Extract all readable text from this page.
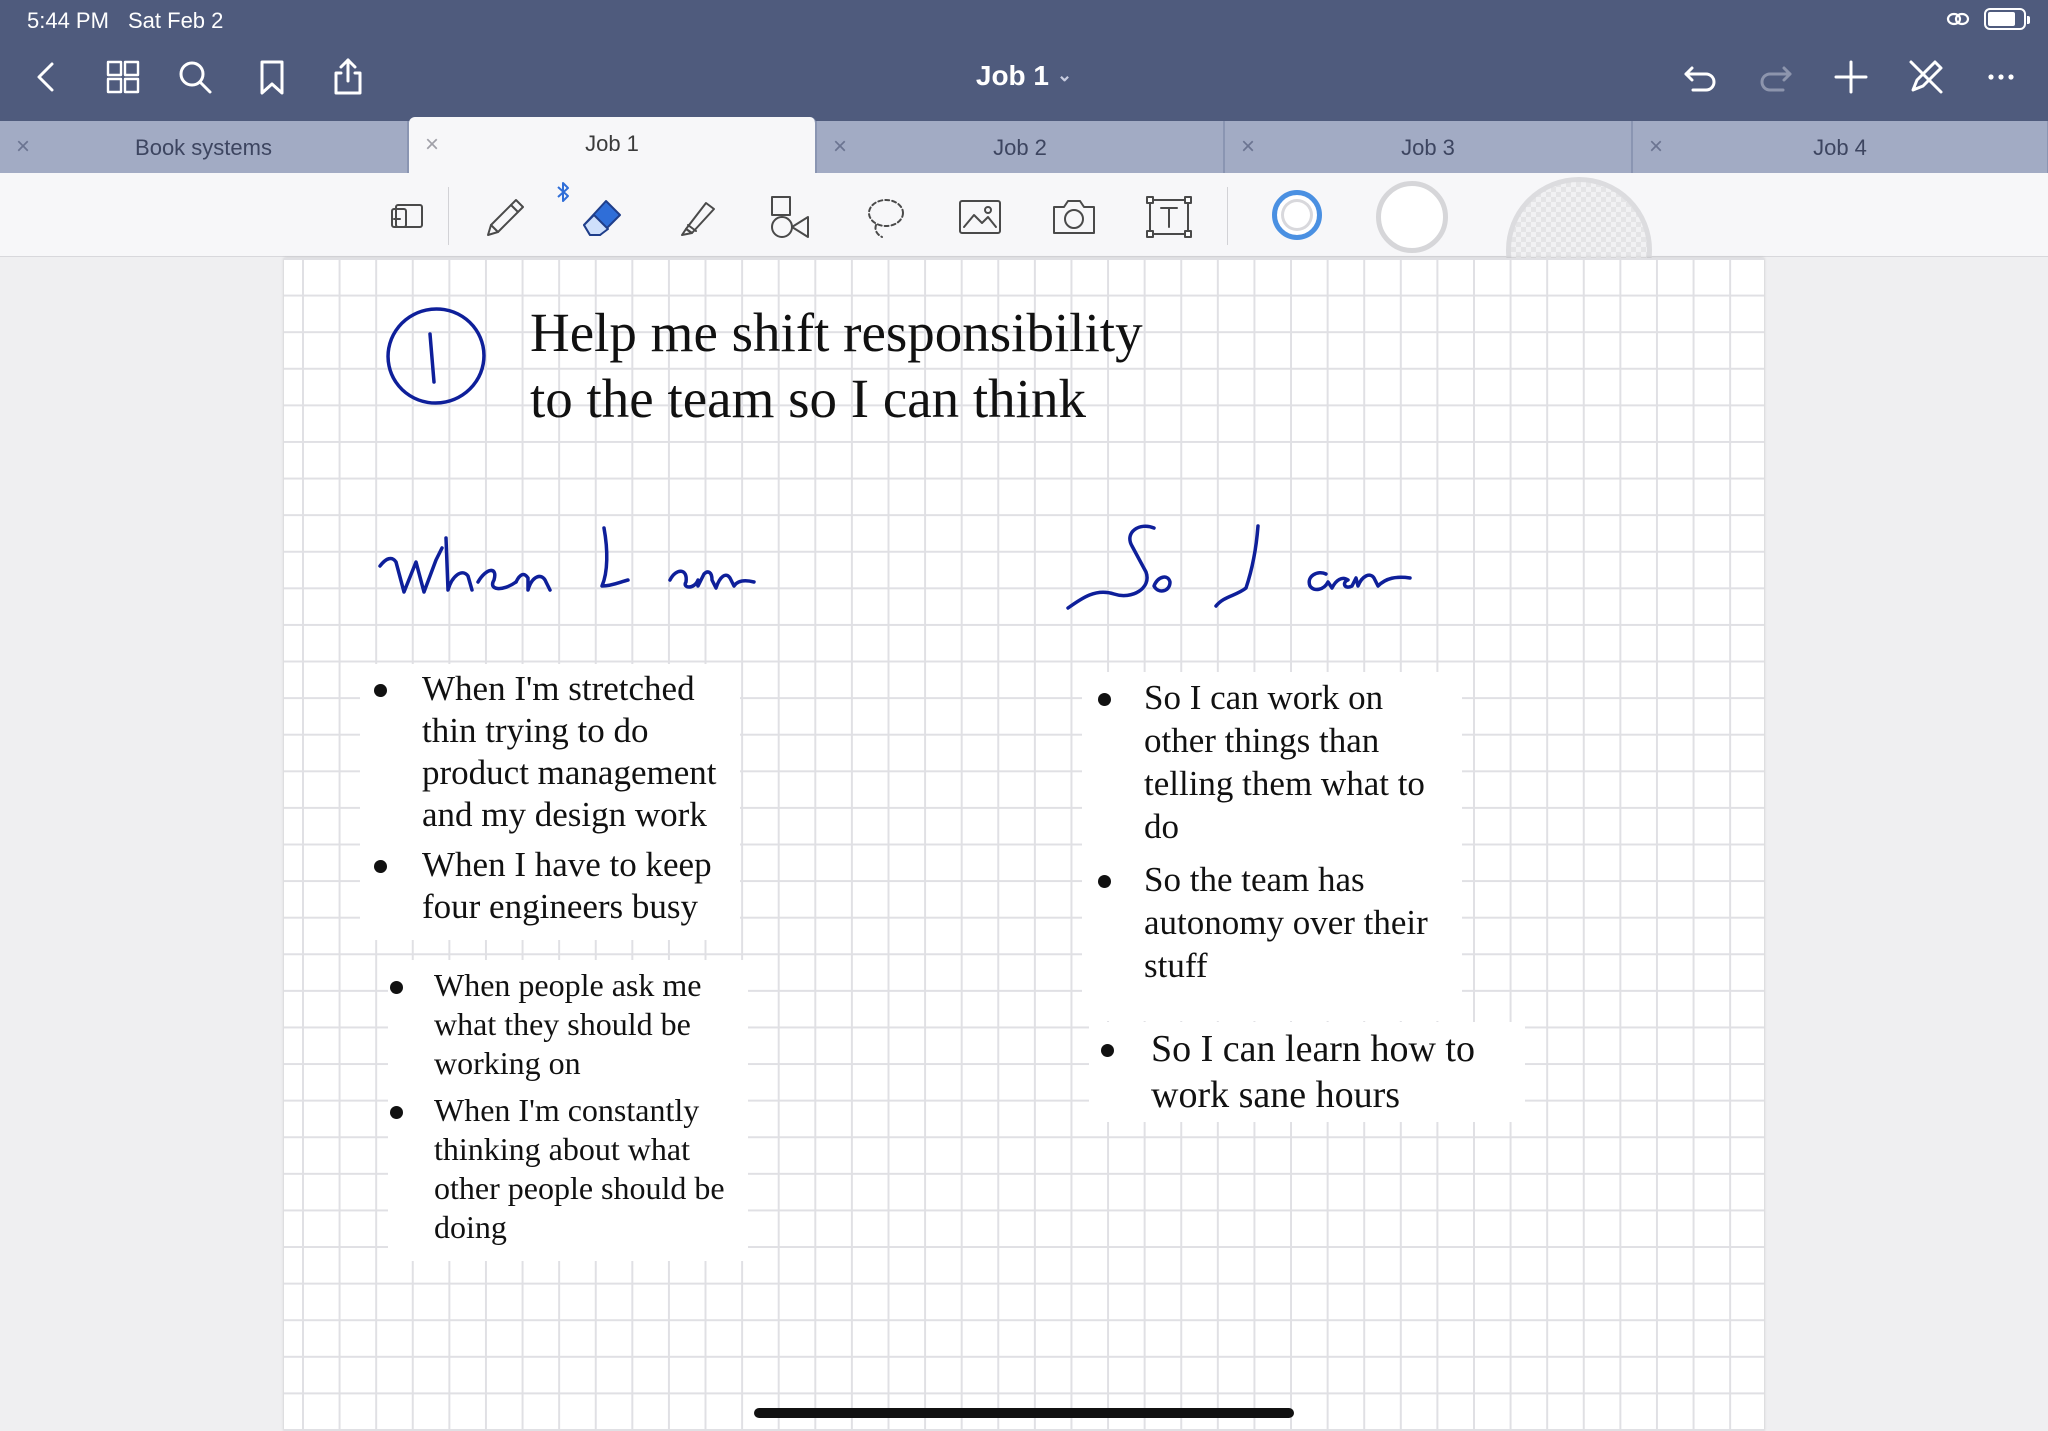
5:44 PM Sat Feb 2
Job 1 ⌄
×	Book systems	×	Job 1	×	Job 2	×	Job 3	×	Job 4
Help me shift responsibility
to the team so I can think
When I'm stretched thin trying to do product management and my design work
When I have to keep four engineers busy
When people ask me what they should be working on
When I'm constantly thinking about what other people should be doing
So I can work on other things than telling them what to do
So the team has autonomy over their stuff
So I can learn how to work sane hours
